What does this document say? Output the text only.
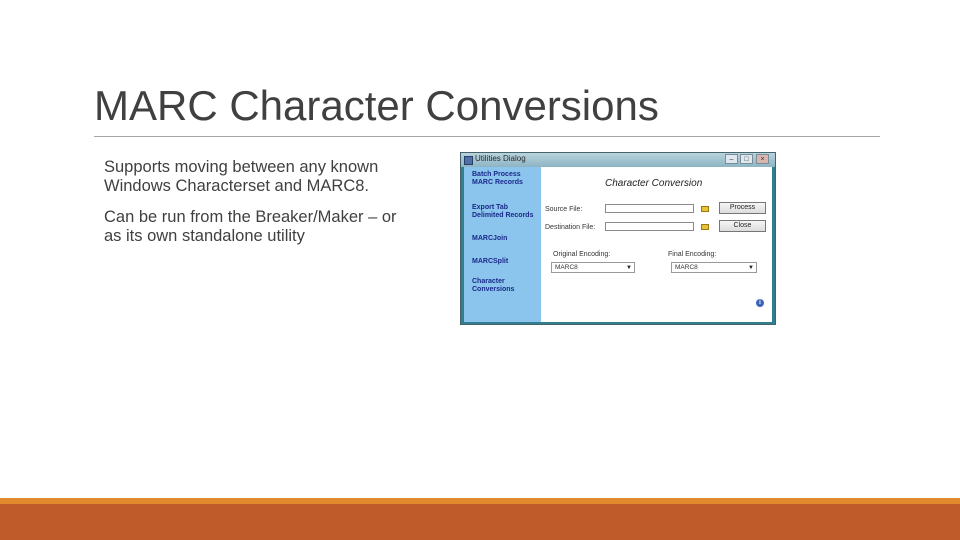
MARC Character Conversions

Supports moving between any known Windows Characterset and MARC8.

Can be run from the Breaker/Maker – or as its own standalone utility

Utilities Dialog	–	□	×
Batch Process MARC Records
Export Tab Delimited Records
MARCJoin
MARCSplit
Character Conversions
Character Conversion
Source File:	Process
Destination File:	Close
Original Encoding:
MARC8	▼
Final Encoding:
MARC8	▼
i
